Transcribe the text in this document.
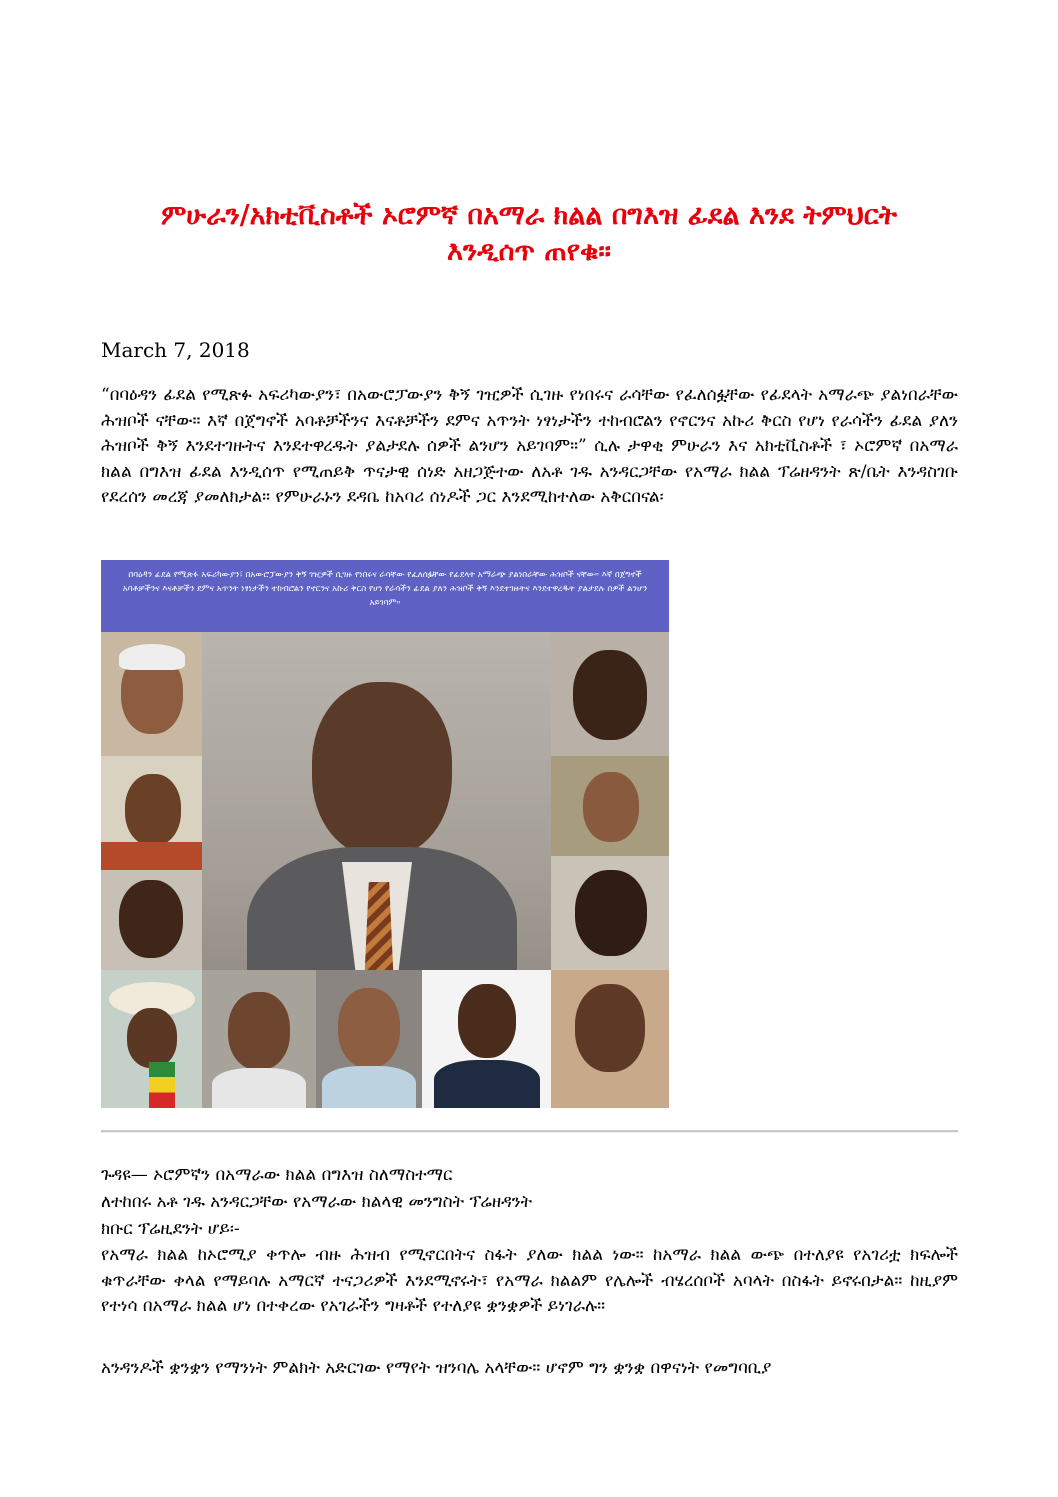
ምሁራን/አክቲቪስቶች ኦሮምኛ በአማራ ክልል በግእዝ ፊደል እንደ ትምህርት
እንዲሰጥ ጠየቁ።
March 7, 2018
“በባዕዳን ፊደል የሚጽፉ አፍሪካውያን፣ በአውሮፓውያን ቅኝ ገዢዎች ሲገዙ የነበሩና ራሳቸው የፈለሰፏቸው የፊደላት አማራጭ ያልነበራቸው ሕዝቦች ናቸው። እኛ በጀግኖች አባቶቻችንና እናቶቻችን ደምና አጥንት ነፃነታችን ተከብሮልን የኖርንና አኩሪ ቅርስ የሆነ የራሳችን ፊደል ያለን ሕዝቦች ቅኝ እንደተገዙትና እንደተዋረዱት ያልታደሉ ሰዎች ልንሆን አይገባም።” ሲሉ ታዋቂ ምሁራን እና አክቲቪስቶች ፣ ኦሮምኛ በአማራ ክልል በግእዝ ፊደል እንዲሰጥ የሚጠይቅ ጥናታዊ ሰነድ አዘጋጅተው ለአቶ ገዱ አንዳርጋቸው የአማራ ክልል ፕሬዘዳንት ጽ/ቤት እንዳስገቡ የደረሰን መረጃ ያመለክታል። የምሁራኑን ደዳቤ ከአባሪ ሰነዶች ጋር እንደሚከተለው አቅርበናል፡
በባዕዳን ፊደል የሚጽፉ አፍሪካውያን፣ በአውሮፓውያን ቅኝ ገዢዎች ሲገዙ የነበሩና ራሳቸው የፈለሰፏቸው የፊደላት አማራጭ ያልነበራቸው ሕዝቦች ናቸው። እኛ በጀግኖች አባቶቻችንና እናቶቻችን ደምና አጥንት ነፃነታችን ተከብሮልን የኖርንና አኩሪ ቅርስ የሆነ የራሳችን ፊደል ያለን ሕዝቦች ቅኝ እንደተገዙትና እንደተዋረዱት ያልታደሉ ሰዎች ልንሆን አይገባም።
ጉዳዩ— ኦሮምኛን በአማራው ክልል በግእዝ ስለማስተማር
ለተከበሩ አቶ ገዱ አንዳርጋቸው የአማራው ክልላዊ መንግስት ፕሬዘዳንት
ክቡር ፕሬዚደንት ሆይ፡-
የአማራ ክልል ከኦሮሚያ ቀጥሎ ብዙ ሕዝብ የሚኖርበትና ስፋት ያለው ክልል ነው። ከአማራ ክልል ውጭ በተለያዩ የአገሪቷ ክፍሎች ቁጥራቸው ቀላል የማይባሉ አማርኛ ተናጋሪዎች እንደሚኖሩት፣ የአማራ ክልልም የሌሎች ብሄረሰቦች አባላት በስፋት ይኖሩበታል። ከዚያም የተነሳ በአማራ ክልል ሆነ በተቀረው የአገራችን ግዛቶች የተለያዩ ቋንቋዎች ይነገራሉ።
አንዳንዶች ቋንቋን የማንነት ምልክት አድርገው የማየት ዝንባሌ አላቸው። ሆኖም ግን ቋንቋ በዋናነት የመግባቢያ
